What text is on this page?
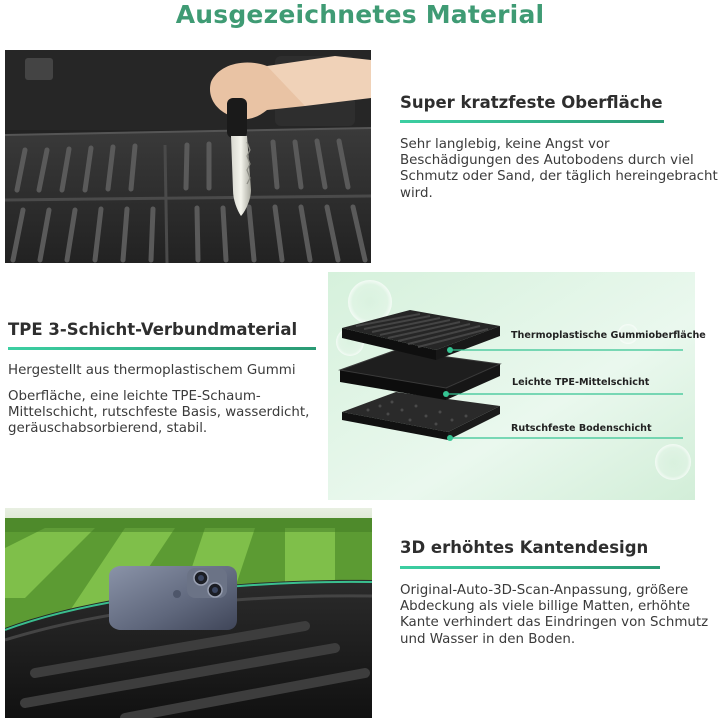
Ausgezeichnetes Material
Super kratzfeste Oberfläche
Sehr langlebig, keine Angst vor Beschädigungen des Autobodens durch viel Schmutz oder Sand, der täglich hereingebracht wird.
TPE 3-Schicht-Verbundmaterial
Hergestellt aus thermoplastischem Gummi
Oberfläche, eine leichte TPE-Schaum-Mittelschicht, rutschfeste Basis, wasserdicht, geräuschabsorbierend, stabil.
Thermoplastische Gummioberfläche
Leichte TPE-Mittelschicht
Rutschfeste Bodenschicht
3D erhöhtes Kantendesign
Original-Auto-3D-Scan-Anpassung, größere Abdeckung als viele billige Matten, erhöhte Kante verhindert das Eindringen von Schmutz und Wasser in den Boden.
